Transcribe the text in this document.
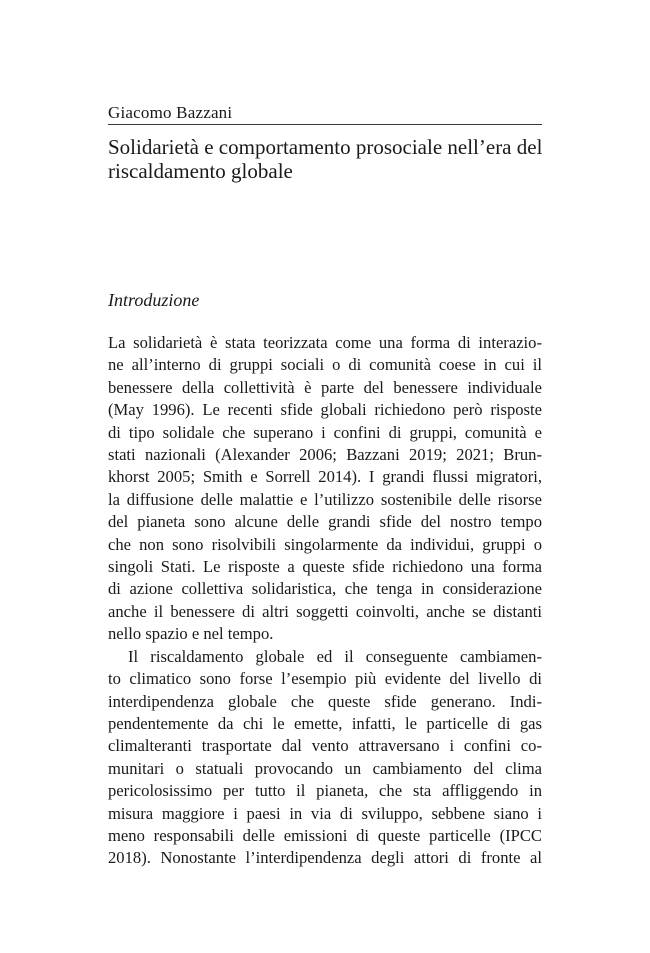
Giacomo Bazzani
Solidarietà e comportamento prosociale nell’era del riscaldamento globale
Introduzione

La solidarietà è stata teorizzata come una forma di interazio-
ne all’interno di gruppi sociali o di comunità coese in cui il
benessere della collettività è parte del benessere individuale
(May 1996). Le recenti sfide globali richiedono però risposte
di tipo solidale che superano i confini di gruppi, comunità e
stati nazionali (Alexander 2006; Bazzani 2019; 2021; Brun-
khorst 2005; Smith e Sorrell 2014). I grandi flussi migratori,
la diffusione delle malattie e l’utilizzo sostenibile delle risorse
del pianeta sono alcune delle grandi sfide del nostro tempo
che non sono risolvibili singolarmente da individui, gruppi o
singoli Stati. Le risposte a queste sfide richiedono una forma
di azione collettiva solidaristica, che tenga in considerazione
anche il benessere di altri soggetti coinvolti, anche se distanti
nello spazio e nel tempo.

Il riscaldamento globale ed il conseguente cambiamen-
to climatico sono forse l’esempio più evidente del livello di
interdipendenza globale che queste sfide generano. Indi-
pendentemente da chi le emette, infatti, le particelle di gas
climalteranti trasportate dal vento attraversano i confini co-
munitari o statuali provocando un cambiamento del clima
pericolosissimo per tutto il pianeta, che sta affliggendo in
misura maggiore i paesi in via di sviluppo, sebbene siano i
meno responsabili delle emissioni di queste particelle (IPCC
2018). Nonostante l’interdipendenza degli attori di fronte al
